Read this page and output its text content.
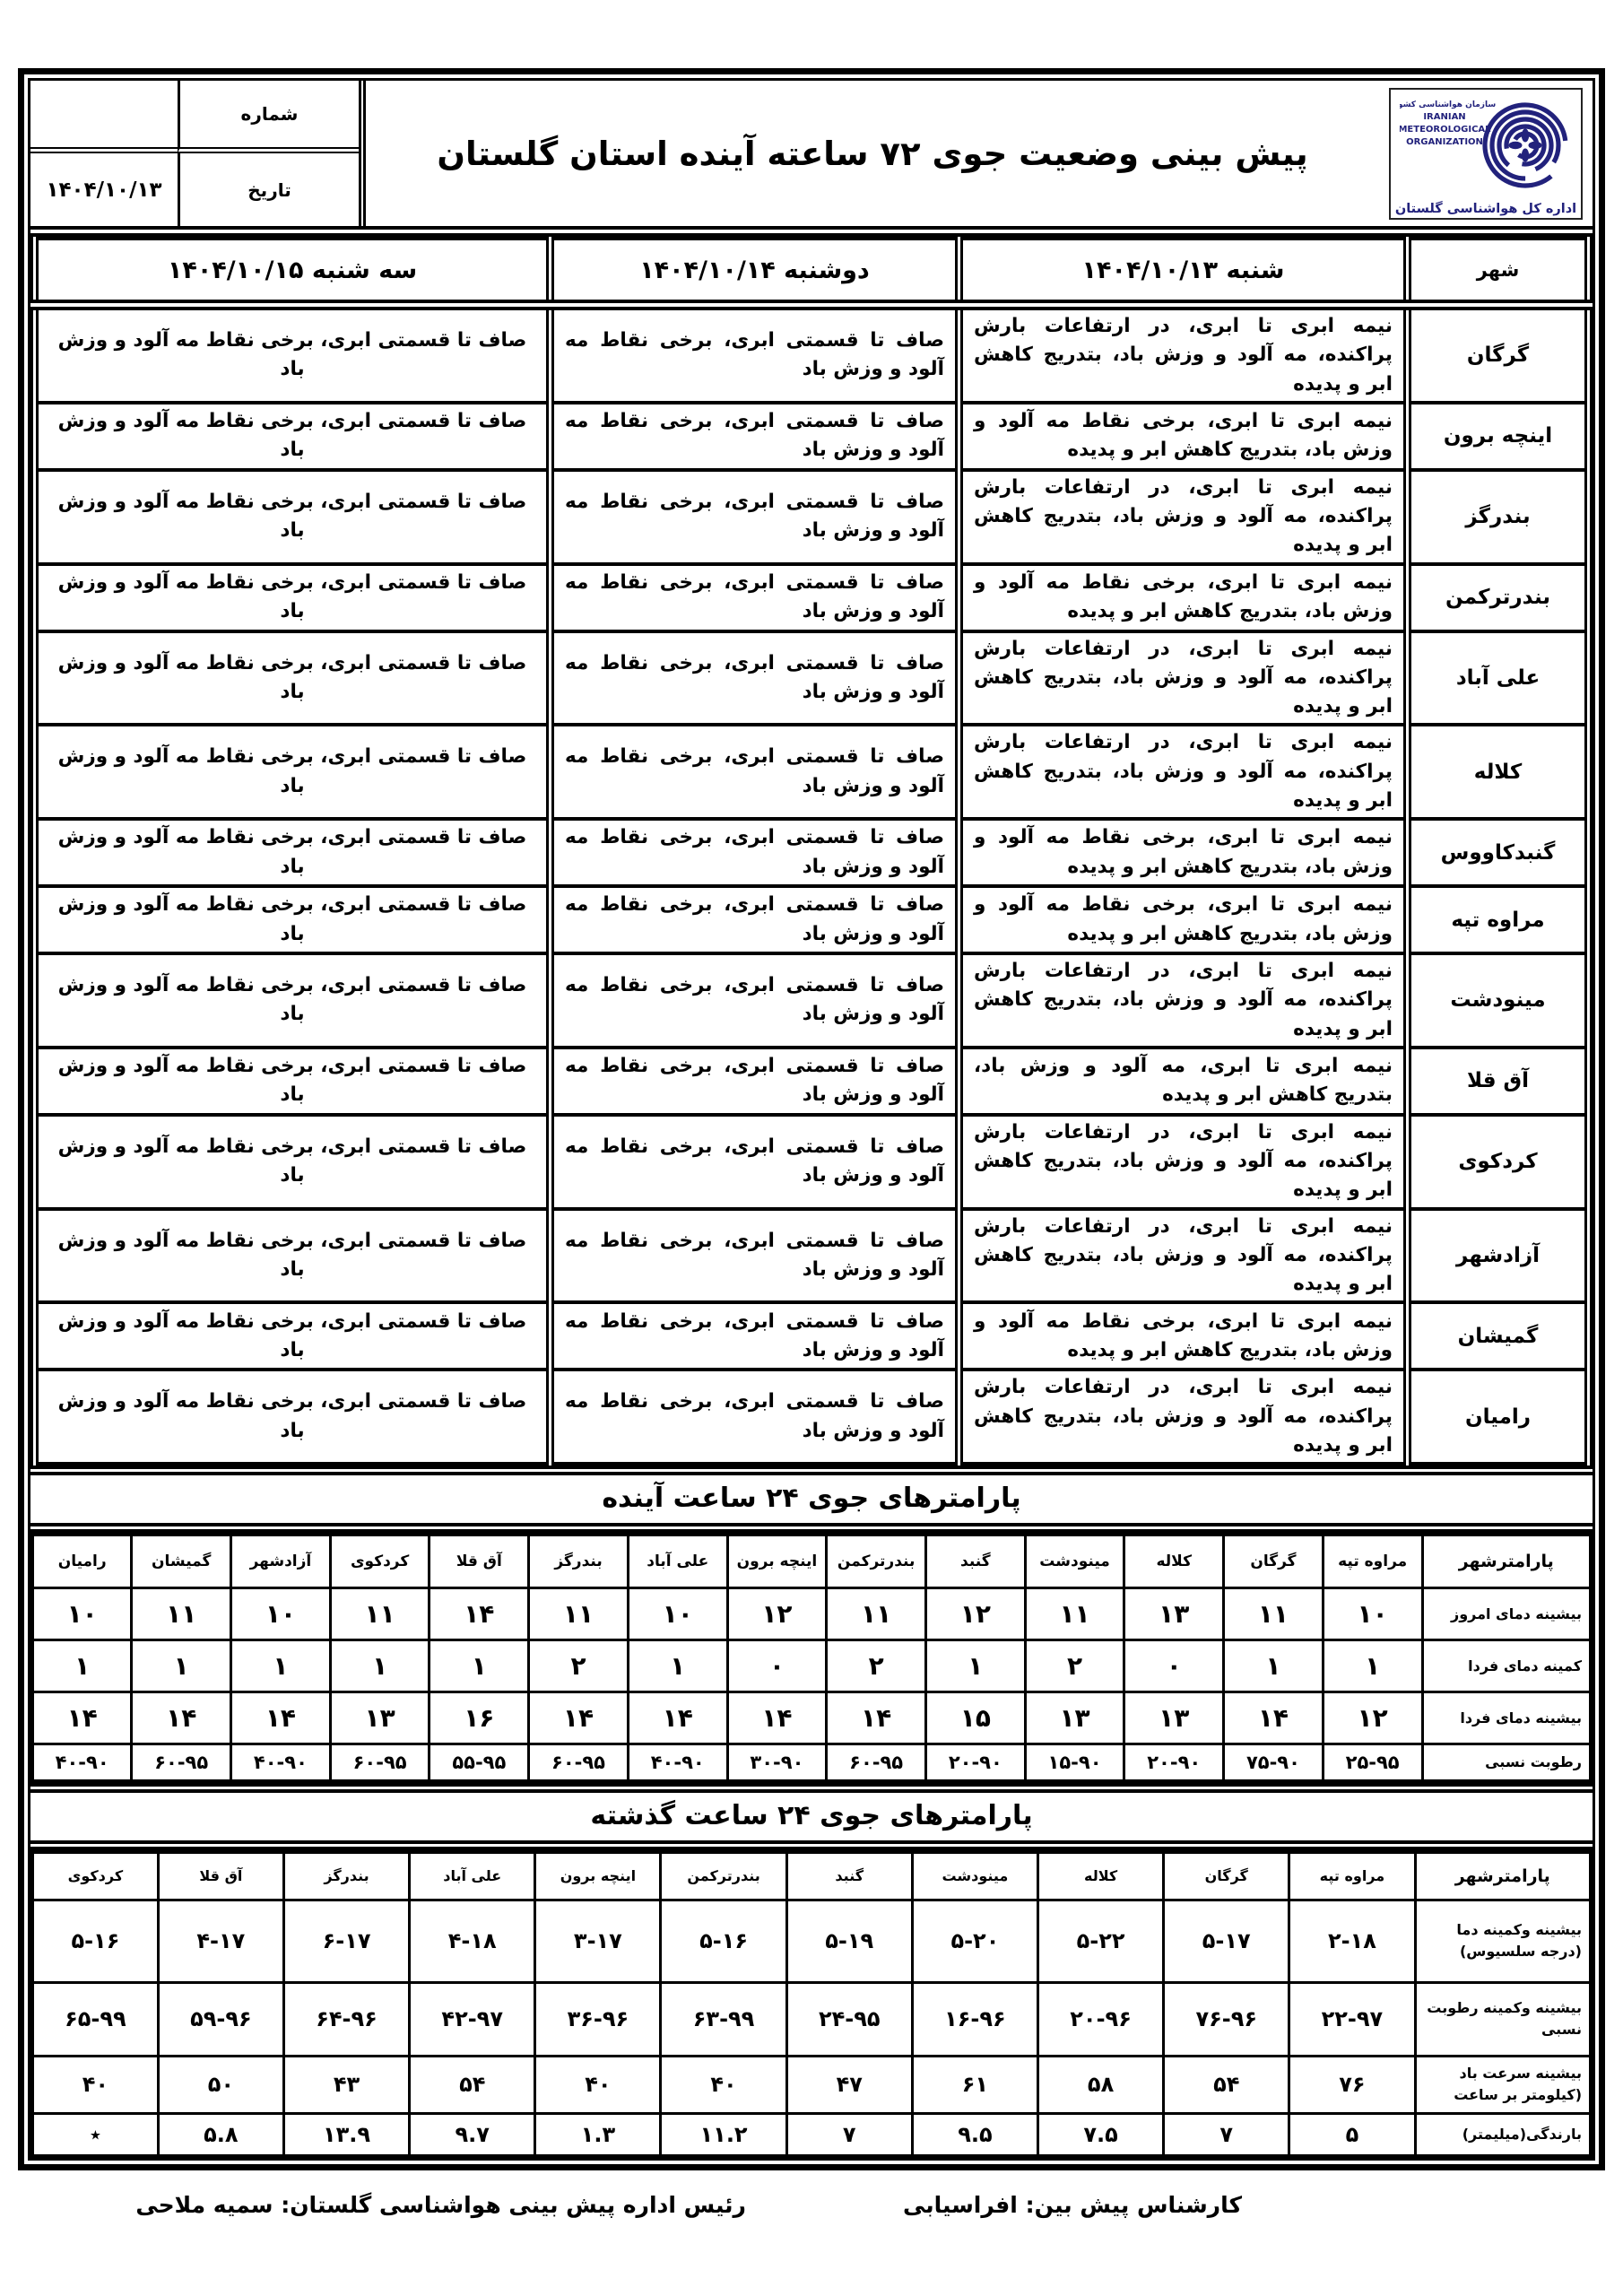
سازمان هواشناسی کشور
IRANIAN
METEOROLOGICAL
ORGANIZATION
اداره کل هواشناسی گلستان
پیش بینی وضعیت جوی ۷۲ ساعته آینده استان گلستان
شماره
تاریخ
۱۴۰۴/۱۰/۱۳
شهر	شنبه ۱۴۰۴/۱۰/۱۳	دوشنبه ۱۴۰۴/۱۰/۱۴	سه شنبه ۱۴۰۴/۱۰/۱۵
گرگان	نیمه ابری تا ابری، در ارتفاعات بارش پراکنده، مه آلود و وزش باد، بتدریج کاهش ابر و پدیده	صاف تا قسمتی ابری، برخی نقاط مه آلود و وزش باد	صاف تا قسمتی ابری، برخی نقاط مه آلود و وزش باد
اینچه برون	نیمه ابری تا ابری، برخی نقاط مه آلود و وزش باد، بتدریج کاهش ابر و پدیده	صاف تا قسمتی ابری، برخی نقاط مه آلود و وزش باد	صاف تا قسمتی ابری، برخی نقاط مه آلود و وزش باد
بندرگز	نیمه ابری تا ابری، در ارتفاعات بارش پراکنده، مه آلود و وزش باد، بتدریج کاهش ابر و پدیده	صاف تا قسمتی ابری، برخی نقاط مه آلود و وزش باد	صاف تا قسمتی ابری، برخی نقاط مه آلود و وزش باد
بندرترکمن	نیمه ابری تا ابری، برخی نقاط مه آلود و وزش باد، بتدریج کاهش ابر و پدیده	صاف تا قسمتی ابری، برخی نقاط مه آلود و وزش باد	صاف تا قسمتی ابری، برخی نقاط مه آلود و وزش باد
علی آباد	نیمه ابری تا ابری، در ارتفاعات بارش پراکنده، مه آلود و وزش باد، بتدریج کاهش ابر و پدیده	صاف تا قسمتی ابری، برخی نقاط مه آلود و وزش باد	صاف تا قسمتی ابری، برخی نقاط مه آلود و وزش باد
کلاله	نیمه ابری تا ابری، در ارتفاعات بارش پراکنده، مه آلود و وزش باد، بتدریج کاهش ابر و پدیده	صاف تا قسمتی ابری، برخی نقاط مه آلود و وزش باد	صاف تا قسمتی ابری، برخی نقاط مه آلود و وزش باد
گنبدکاووس	نیمه ابری تا ابری، برخی نقاط مه آلود و وزش باد، بتدریج کاهش ابر و پدیده	صاف تا قسمتی ابری، برخی نقاط مه آلود و وزش باد	صاف تا قسمتی ابری، برخی نقاط مه آلود و وزش باد
مراوه تپه	نیمه ابری تا ابری، برخی نقاط مه آلود و وزش باد، بتدریج کاهش ابر و پدیده	صاف تا قسمتی ابری، برخی نقاط مه آلود و وزش باد	صاف تا قسمتی ابری، برخی نقاط مه آلود و وزش باد
مینودشت	نیمه ابری تا ابری، در ارتفاعات بارش پراکنده، مه آلود و وزش باد، بتدریج کاهش ابر و پدیده	صاف تا قسمتی ابری، برخی نقاط مه آلود و وزش باد	صاف تا قسمتی ابری، برخی نقاط مه آلود و وزش باد
آق قلا	نیمه ابری تا ابری، مه آلود و وزش باد، بتدریج کاهش ابر و پدیده	صاف تا قسمتی ابری، برخی نقاط مه آلود و وزش باد	صاف تا قسمتی ابری، برخی نقاط مه آلود و وزش باد
کردکوی	نیمه ابری تا ابری، در ارتفاعات بارش پراکنده، مه آلود و وزش باد، بتدریج کاهش ابر و پدیده	صاف تا قسمتی ابری، برخی نقاط مه آلود و وزش باد	صاف تا قسمتی ابری، برخی نقاط مه آلود و وزش باد
آزادشهر	نیمه ابری تا ابری، در ارتفاعات بارش پراکنده، مه آلود و وزش باد، بتدریج کاهش ابر و پدیده	صاف تا قسمتی ابری، برخی نقاط مه آلود و وزش باد	صاف تا قسمتی ابری، برخی نقاط مه آلود و وزش باد
گمیشان	نیمه ابری تا ابری، برخی نقاط مه آلود و وزش باد، بتدریج کاهش ابر و پدیده	صاف تا قسمتی ابری، برخی نقاط مه آلود و وزش باد	صاف تا قسمتی ابری، برخی نقاط مه آلود و وزش باد
رامیان	نیمه ابری تا ابری، در ارتفاعات بارش پراکنده، مه آلود و وزش باد، بتدریج کاهش ابر و پدیده	صاف تا قسمتی ابری، برخی نقاط مه آلود و وزش باد	صاف تا قسمتی ابری، برخی نقاط مه آلود و وزش باد
پارامترهای جوی ۲۴ ساعت آینده
پارامترشهر	مراوه تپه	گرگان	کلاله	مینودشت	گنبد	بندرترکمن	اینچه برون	علی آباد	بندرگز	آق قلا	کردکوی	آزادشهر	گمیشان	رامیان
بیشینه دمای امروز	۱۰	۱۱	۱۳	۱۱	۱۲	۱۱	۱۲	۱۰	۱۱	۱۴	۱۱	۱۰	۱۱	۱۰
کمینه دمای فردا	۱	۱	۰	۲	۱	۲	۰	۱	۲	۱	۱	۱	۱	۱
بیشینه دمای فردا	۱۲	۱۴	۱۳	۱۳	۱۵	۱۴	۱۴	۱۴	۱۴	۱۶	۱۳	۱۴	۱۴	۱۴
رطوبت نسبی	۲۵-۹۵	۷۵-۹۰	۲۰-۹۰	۱۵-۹۰	۲۰-۹۰	۶۰-۹۵	۳۰-۹۰	۴۰-۹۰	۶۰-۹۵	۵۵-۹۵	۶۰-۹۵	۴۰-۹۰	۶۰-۹۵	۴۰-۹۰
پارامترهای جوی ۲۴ ساعت گذشته
پارامترشهر	مراوه تپه	گرگان	کلاله	مینودشت	گنبد	بندرترکمن	اینچه برون	علی آباد	بندرگز	آق قلا	کردکوی
بیشینه وکمینه دما (درجه سلسیوس)	۲-۱۸	۵-۱۷	۵-۲۲	۵-۲۰	۵-۱۹	۵-۱۶	۳-۱۷	۴-۱۸	۶-۱۷	۴-۱۷	۵-۱۶
بیشینه وکمینه رطوبت نسبی	۲۲-۹۷	۷۶-۹۶	۲۰-۹۶	۱۶-۹۶	۲۴-۹۵	۶۳-۹۹	۳۶-۹۶	۴۲-۹۷	۶۴-۹۶	۵۹-۹۶	۶۵-۹۹
بیشینه سرعت باد (کیلومتر بر ساعت	۷۶	۵۴	۵۸	۶۱	۴۷	۴۰	۴۰	۵۴	۴۳	۵۰	۴۰
بارندگی(میلیمتر)	۵	۷	۷.۵	۹.۵	۷	۱۱.۲	۱.۳	۹.۷	۱۳.۹	۵.۸	٭
کارشناس پیش بین: افراسیابی
رئیس اداره پیش بینی هواشناسی گلستان: سمیه ملاحی
